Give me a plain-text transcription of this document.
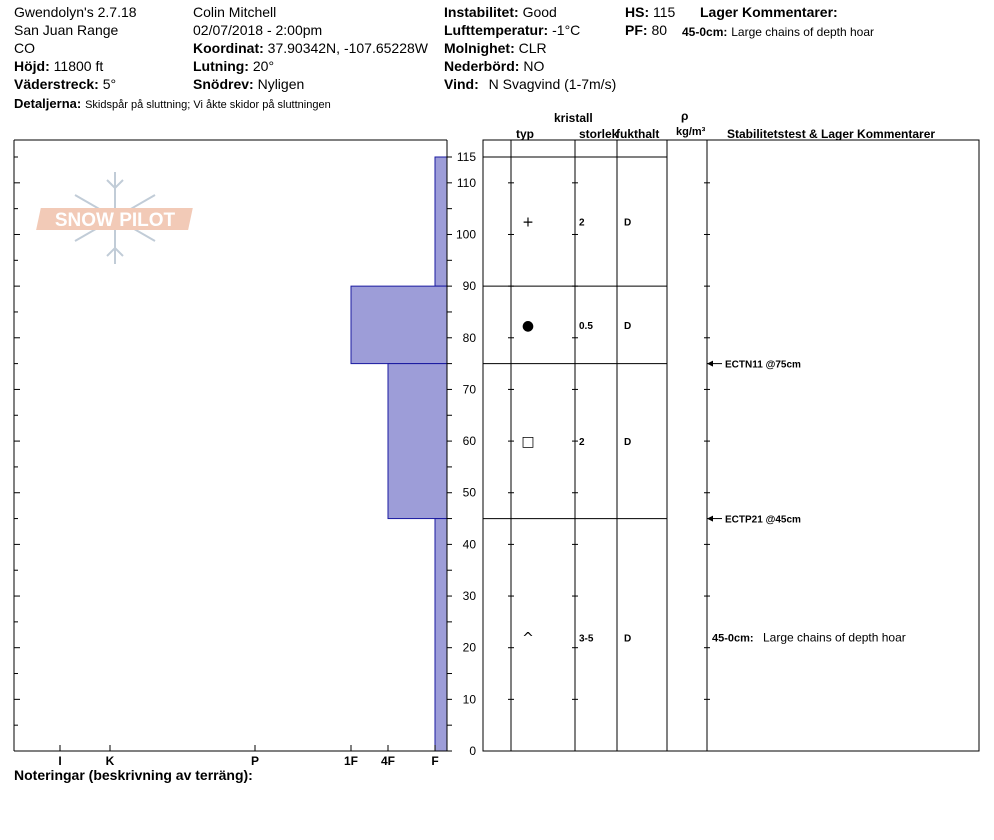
Gwendolyn's 2.7.18
San Juan Range
CO
Höjd: 11800 ft
Väderstreck: 5°
Detaljerna: Skidspår på sluttning; Vi åkte skidor på sluttningen
Colin Mitchell
02/07/2018 - 2:00pm
Koordinat: 37.90342N, -107.65228W
Lutning: 20°
Snödrev: Nyligen
Instabilitet: Good
Lufttemperatur: -1°C
Molnighet: CLR
Nederbörd: NO
Vind: N Svagvind (1-7m/s)
HS: 115
PF: 80
Lager Kommentarer:
45-0cm: Large chains of depth hoar
kristall
typ	storlek
fukthalt
ρ
kg/m³ Stabilitetstest & Lager Kommentarer
Noteringar (beskrivning av terräng):
SNOW PILOT
0
10
20
30
40
50
60
70
80
90
100
110
115
I	K	P	1F 4F	F
+	2	D
●	0.5	D
□	2	D
^	3-5	D
ECTN11 @75cm
ECTP21 @45cm
45-0cm: Large chains of depth hoar
